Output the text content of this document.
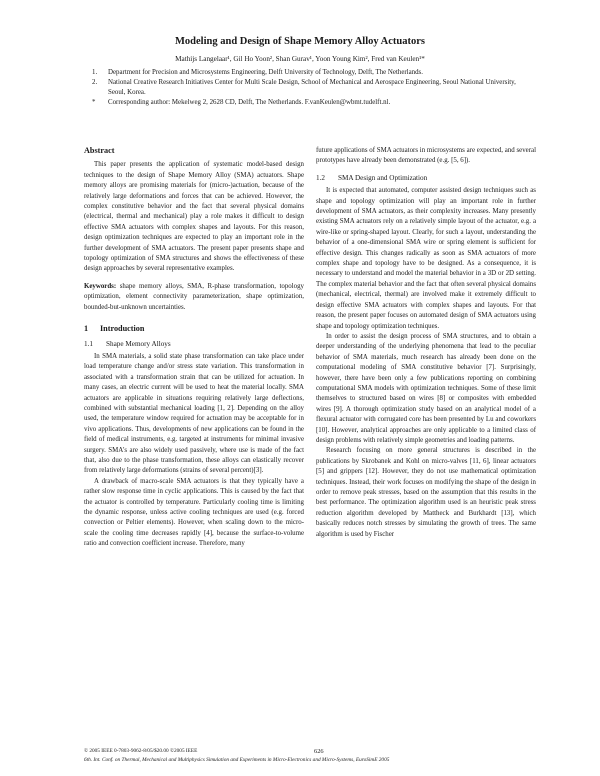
Modeling and Design of Shape Memory Alloy Actuators
Mathijs Langelaar¹, Gil Ho Yoon², Shan Gurav¹, Yoon Young Kim², Fred van Keulen¹*
1. Department for Precision and Microsystems Engineering, Delft University of Technology, Delft, The Netherlands.
2. National Creative Research Initiatives Center for Multi Scale Design, School of Mechanical and Aerospace Engineering, Seoul National University, Seoul, Korea.
* Corresponding author: Mekelweg 2, 2628 CD, Delft, The Netherlands. F.vanKeulen@wbmt.tudelft.nl.
Abstract

This paper presents the application of systematic model-based design techniques to the design of Shape Memory Alloy (SMA) actuators. Shape memory alloys are promising materials for (micro-)actuation, because of the relatively large deformations and forces that can be achieved. However, the complex constitutive behavior and the fact that several physical domains (electrical, thermal and mechanical) play a role makes it difficult to design effective SMA actuators with complex shapes and layouts. For this reason, design optimization techniques are expected to play an important role in the further development of SMA actuators. The present paper presents shape and topology optimization of SMA structures and shows the effectiveness of these design approaches by several representative examples.

Keywords: shape memory alloys, SMA, R-phase transformation, topology optimization, element connectivity parameterization, shape optimization, bounded-but-unknown uncertainties.
1 Introduction
1.1 Shape Memory Alloys

In SMA materials, a solid state phase transformation can take place under load temperature change and/or stress state variation. This transformation in associated with a transformation strain that can be utilized for actuation. In many cases, an electric current will be used to heat the material locally. SMA actuators are applicable in situations requiring relatively large deflections, combined with substantial mechanical loading [1, 2]. Depending on the alloy used, the temperature window required for actuation may be acceptable for in vivo applications. Thus, developments of new applications can be found in the field of medical instruments, e.g. targeted at instruments for minimal invasive surgery. SMA's are also widely used passively, where use is made of the fact that, also due to the phase transformation, these alloys can elastically recover from relatively large deformations (strains of several percent)[3].

A drawback of macro-scale SMA actuators is that they typically have a rather slow response time in cyclic applications. This is caused by the fact that the actuator is controlled by temperature. Particularly cooling time is limiting the dynamic response, unless active cooling techniques are used (e.g. forced convection or Peltier elements). However, when scaling down to the micro-scale the cooling time decreases rapidly [4], because the surface-to-volume ratio and convection coefficient increase. Therefore, many

future applications of SMA actuators in microsystems are expected, and several prototypes have already been demonstrated (e.g. [5, 6]).

1.2 SMA Design and Optimization

It is expected that automated, computer assisted design techniques such as shape and topology optimization will play an important role in further development of SMA actuators, as their complexity increases. Many presently existing SMA actuators rely on a relatively simple layout of the actuator, e.g. a wire-like or spring-shaped layout. Clearly, for such a layout, understanding the behavior of a one-dimensional SMA wire or spring element is sufficient for effective design. This changes radically as soon as SMA actuators of more complex shape and topology have to be designed. As a consequence, it is necessary to understand and model the material behavior in a 3D or 2D setting. The complex material behavior and the fact that often several physical domains (mechanical, electrical, thermal) are involved make it extremely difficult to design effective SMA actuators with complex shapes and layouts. For that reason, the present paper focuses on automated design of SMA actuators using shape and topology optimization techniques.

In order to assist the design process of SMA structures, and to obtain a deeper understanding of the underlying phenomena that lead to the peculiar behavior of SMA materials, much research has already been done on the computational modeling of SMA constitutive behavior [7]. Surprisingly, however, there have been only a few publications reporting on combining computational SMA models with optimization techniques. Some of these limit themselves to structured based on wires [8] or composites with embedded wires [9]. A thorough optimization study based on an analytical model of a flexural actuator with corrugated core has been presented by Lu and coworkers [10]. However, analytical approaches are only applicable to a limited class of design problems with relatively simple geometries and loading patterns.

Research focusing on more general structures is described in the publications by Skrobanek and Kohl on micro-valves [11, 6], linear actuators [5] and grippers [12]. However, they do not use mathematical optimization techniques. Instead, their work focuses on modifying the shape of the design in order to remove peak stresses, based on the assumption that this results in the best performance. The optimization algorithm used is an heuristic peak stress reduction algorithm developed by Mattheck and Burkhardt [13], which basically reduces notch stresses by simulating the growth of trees. The same algorithm is used by Fischer

© 2005 IEEE 0-7803-9062-8/05/$20.00 ©2005 IEEE	626
6th. Int. Conf. on Thermal, Mechanical and Multiphysics Simulation and Experiments in Micro-Electronics and Micro-Systems, EuroSimE 2005
